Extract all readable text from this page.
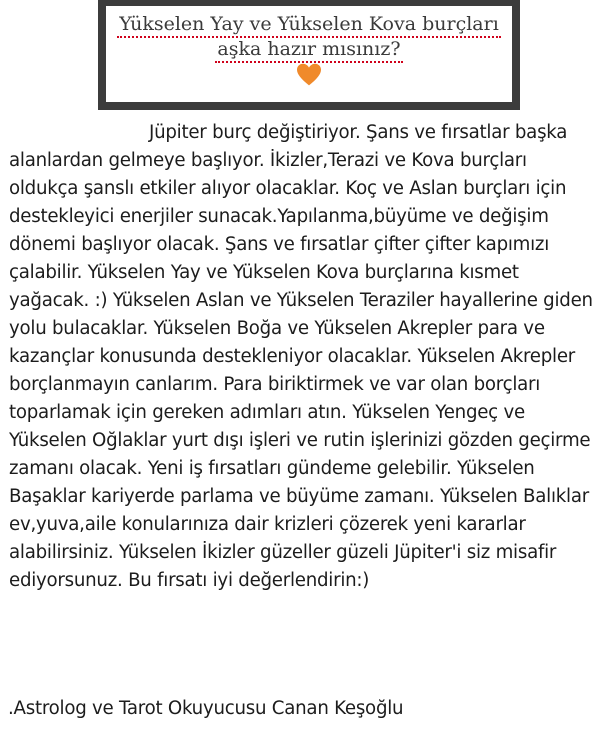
Yükselen Yay ve Yükselen Kova burçları
aşka hazır mısınız?

Jüpiter burç değiştiriyor. Şans ve fırsatlar başka alanlardan gelmeye başlıyor. İkizler,Terazi ve Kova burçları oldukça şanslı etkiler alıyor olacaklar. Koç ve Aslan burçları için destekleyici enerjiler sunacak.Yapılanma,büyüme ve değişim dönemi başlıyor olacak. Şans ve fırsatlar çifter çifter kapımızı çalabilir. Yükselen Yay ve Yükselen Kova burçlarına kısmet yağacak. :) Yükselen Aslan ve Yükselen Teraziler hayallerine giden yolu bulacaklar. Yükselen Boğa ve Yükselen Akrepler para ve kazançlar konusunda destekleniyor olacaklar. Yükselen Akrepler borçlanmayın canlarım. Para biriktirmek ve var olan borçları toparlamak için gereken adımları atın. Yükselen Yengeç ve Yükselen Oğlaklar yurt dışı işleri ve rutin işlerinizi gözden geçirme zamanı olacak. Yeni iş fırsatları gündeme gelebilir. Yükselen Başaklar kariyerde parlama ve büyüme zamanı. Yükselen Balıklar ev,yuva,aile konularınıza dair krizleri çözerek yeni kararlar alabilirsiniz. Yükselen İkizler güzeller güzeli Jüpiter'i siz misafir ediyorsunuz. Bu fırsatı iyi değerlendirin:)

.Astrolog ve Tarot Okuyucusu Canan Keşoğlu
